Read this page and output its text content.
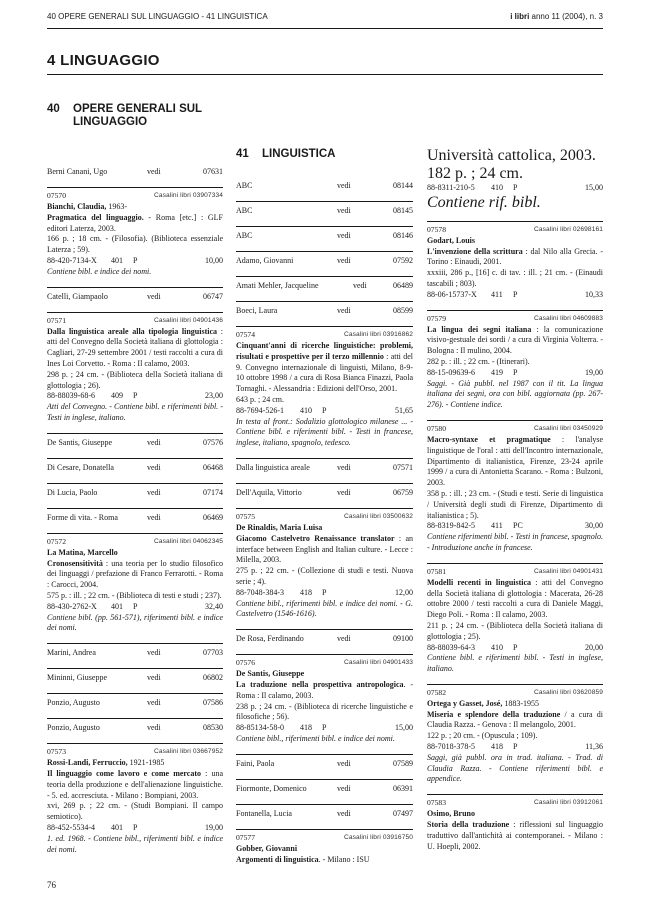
40 OPERE GENERALI SUL LINGUAGGIO - 41 LINGUISTICA	i libri anno 11 (2004), n. 3
4 LINGUAGGIO
40 OPERE GENERALI SUL LINGUAGGIO
Berni Canani, Ugo	vedi	07631
07570	Casalini libri 03907334
Bianchi, Claudia, 1963-
Pragmatica del linguaggio. - Roma [etc.] : GLF editori Laterza, 2003.
166 p. ; 18 cm. - (Filosofia). (Biblioteca essenziale Laterza ; 59).
88-420-7134-X	401	P	10,00
Contiene bibl. e indice dei nomi.
Catelli, Giampaolo	vedi	06747
07571	Casalini libri 04901436
Dalla linguistica areale alla tipologia linguistica : atti del Convegno della Società italiana di glottologia : Cagliari, 27-29 settembre 2001 / testi raccolti a cura di Ines Loi Corvetto. - Roma : Il calamo, 2003.
298 p. ; 24 cm. - (Biblioteca della Società italiana di glottologia ; 26).
88-88039-68-6	409	P	23,00
Atti del Convegno. - Contiene bibl. e riferimenti bibl. - Testi in inglese, italiano.
De Santis, Giuseppe	vedi	07576
Di Cesare, Donatella	vedi	06468
Di Lucia, Paolo	vedi	07174
Forme di vita. - Roma	vedi	06469
07572	Casalini libri 04062345
La Matina, Marcello
Cronosensitività : una teoria per lo studio filosofico dei linguaggi / prefazione di Franco Ferrarotti. - Roma : Carocci, 2004.
575 p. : ill. ; 22 cm. - (Biblioteca di testi e studi ; 237).
88-430-2762-X	401	P	32,40
Contiene bibl. (pp. 561-571), riferimenti bibl. e indice dei nomi.
Marini, Andrea	vedi	07703
Mininni, Giuseppe	vedi	06802
Ponzio, Augusto	vedi	07586
Ponzio, Augusto	vedi	08530
07573	Casalini libri 03667952
Rossi-Landi, Ferruccio, 1921-1985
Il linguaggio come lavoro e come mercato : una teoria della produzione e dell'alienazione linguistiche. - 5. ed. accresciuta. - Milano : Bompiani, 2003.
xvi, 269 p. ; 22 cm. - (Studi Bompiani. Il campo semiotico).
88-452-5534-4	401	P	19,00
1. ed. 1968. - Contiene bibl., riferimenti bibl. e indice dei nomi.
41 LINGUISTICA
ABC	vedi	08144
ABC	vedi	08145
ABC	vedi	08146
Adamo, Giovanni	vedi	07592
Amati Mehler, Jacqueline	vedi	06489
Boeci, Laura	vedi	08599
07574	Casalini libri 03916862
Cinquant'anni di ricerche linguistiche: problemi, risultati e prospettive per il terzo millennio : atti del 9. Convegno internazionale di linguisti, Milano, 8-9-10 ottobre 1998 / a cura di Rosa Bianca Finazzi, Paola Tornaghi. - Alessandria : Edizioni dell'Orso, 2001.
643 p. ; 24 cm.
88-7694-526-1	410	P	51,65
In testa al front.: Sodalizio glottologico milanese ... - Contiene bibl. e riferimenti bibl. - Testi in francese, inglese, italiano, spagnolo, tedesco.
Dalla linguistica areale	vedi	07571
Dell'Aquila, Vittorio	vedi	06759
07575	Casalini libri 03500632
De Rinaldis, Maria Luisa
Giacomo Castelvetro Renaissance translator : an interface between English and Italian culture. - Lecce : Milella, 2003.
275 p. ; 22 cm. - (Collezione di studi e testi. Nuova serie ; 4).
88-7048-384-3	418	P	12,00
Contiene bibl., riferimenti bibl. e indice dei nomi. - G. Castelvetro (1546-1616).
De Rosa, Ferdinando	vedi	09100
07576	Casalini libri 04901433
De Santis, Giuseppe
La traduzione nella prospettiva antropologica. - Roma : Il calamo, 2003.
238 p. ; 24 cm. - (Biblioteca di ricerche linguistiche e filosofiche ; 56).
88-85134-58-0	418	P	15,00
Contiene bibl., riferimenti bibl. e indice dei nomi.
Faini, Paola	vedi	07589
Fiormonte, Domenico	vedi	06391
Fontanella, Lucia	vedi	07497
07577	Casalini libri 03916750
Gobber, Giovanni
Argomenti di linguistica. - Milano : ISU
Università cattolica, 2003.
182 p. ; 24 cm.
88-8311-210-5	410	P	15,00
Contiene rif. bibl.
07578	Casalini libri 02698161
Godart, Louis
L'invenzione della scrittura : dal Nilo alla Grecia. - Torino : Einaudi, 2001.
xxxiii, 286 p., [16] c. di tav. : ill. ; 21 cm. - (Einaudi tascabili ; 803).
88-06-15737-X	411	P	10,33
07579	Casalini libri 04609883
La lingua dei segni italiana : la comunicazione visivo-gestuale dei sordi / a cura di Virginia Volterra. - Bologna : Il mulino, 2004.
282 p. : ill. ; 22 cm. - (Itinerari).
88-15-09639-6	419	P	19,00
Saggi. - Già pubbl. nel 1987 con il tit. La lingua italiana dei segni, ora con bibl. aggiornata (pp. 267-276). - Contiene indice.
07580	Casalini libri 03450929
Macro-syntaxe et pragmatique : l'analyse linguistique de l'oral : atti dell'Incontro internazionale, Dipartimento di italianistica, Firenze, 23-24 aprile 1999 / a cura di Antonietta Scarano. - Roma : Bulzoni, 2003.
358 p. : ill. ; 23 cm. - (Studi e testi. Serie di linguistica / Università degli studi di Firenze, Dipartimento di italianistica ; 5).
88-8319-842-5	411	PC	30,00
Contiene riferimenti bibl. - Testi in francese, spagnolo. - Introduzione anche in francese.
07581	Casalini libri 04901431
Modelli recenti in linguistica : atti del Convegno della Società italiana di glottologia : Macerata, 26-28 ottobre 2000 / testi raccolti a cura di Daniele Maggi, Diego Poli. - Roma : Il calamo, 2003.
211 p. ; 24 cm. - (Biblioteca della Società italiana di glottologia ; 25).
88-88039-64-3	410	P	20,00
Contiene bibl. e riferimenti bibl. - Testi in inglese, italiano.
07582	Casalini libri 03620859
Ortega y Gasset, José, 1883-1955
Miseria e splendore della traduzione / a cura di Claudia Razza. - Genova : Il melangolo, 2001.
122 p. ; 20 cm. - (Opuscula ; 109).
88-7018-378-5	418	P	11,36
Saggi, già pubbl. ora in trad. italiana. - Trad. di Claudia Razza. - Contiene riferimenti bibl. e appendice.
07583	Casalini libri 03912061
Osimo, Bruno
Storia della traduzione : riflessioni sul linguaggio traduttivo dall'antichità ai contemporanei. - Milano : U. Hoepli, 2002.
76
